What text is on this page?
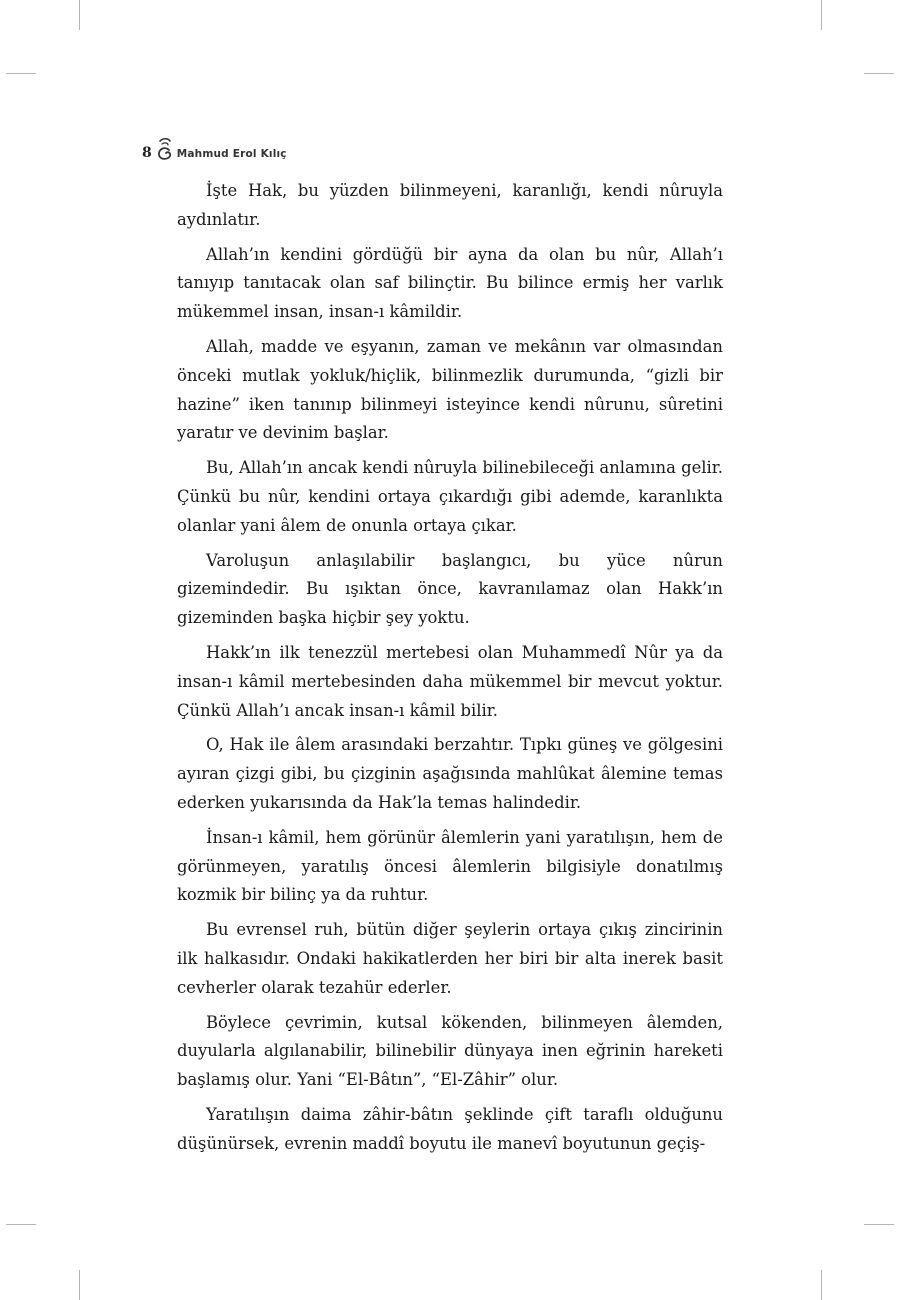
8 Mahmud Erol Kılıç

İşte Hak, bu yüzden bilinmeyeni, karanlığı, kendi nûruyla aydınlatır.

Allah’ın kendini gördüğü bir ayna da olan bu nûr, Allah’ı tanıyıp tanıtacak olan saf bilinçtir. Bu bilince ermiş her varlık mükemmel insan, insan-ı kâmildir.

Allah, madde ve eşyanın, zaman ve mekânın var olmasından önceki mutlak yokluk/hiçlik, bilinmezlik durumunda, “gizli bir hazine” iken tanınıp bilinmeyi isteyince kendi nûrunu, sûretini yaratır ve devinim başlar.

Bu, Allah’ın ancak kendi nûruyla bilinebileceği anlamına gelir. Çünkü bu nûr, kendini ortaya çıkardığı gibi ademde, karanlıkta olanlar yani âlem de onunla ortaya çıkar.

Varoluşun anlaşılabilir başlangıcı, bu yüce nûrun gizemindedir. Bu ışıktan önce, kavranılamaz olan Hakk’ın gizeminden başka hiçbir şey yoktu.

Hakk’ın ilk tenezzül mertebesi olan Muhammedî Nûr ya da insan-ı kâmil mertebesinden daha mükemmel bir mevcut yoktur. Çünkü Allah’ı ancak insan-ı kâmil bilir.

O, Hak ile âlem arasındaki berzahtır. Tıpkı güneş ve gölgesini ayıran çizgi gibi, bu çizginin aşağısında mahlûkat âlemine temas ederken yukarısında da Hak’la temas halindedir.

İnsan-ı kâmil, hem görünür âlemlerin yani yaratılışın, hem de görünmeyen, yaratılış öncesi âlemlerin bilgisiyle donatılmış kozmik bir bilinç ya da ruhtur.

Bu evrensel ruh, bütün diğer şeylerin ortaya çıkış zincirinin ilk halkasıdır. Ondaki hakikatlerden her biri bir alta inerek basit cevherler olarak tezahür ederler.

Böylece çevrimin, kutsal kökenden, bilinmeyen âlemden, duyularla algılanabilir, bilinebilir dünyaya inen eğrinin hareketi başlamış olur. Yani “El-Bâtın”, “El-Zâhir” olur.

Yaratılışın daima zâhir-bâtın şeklinde çift taraflı olduğunu düşünürsek, evrenin maddî boyutu ile manevî boyutunun geçiş-
